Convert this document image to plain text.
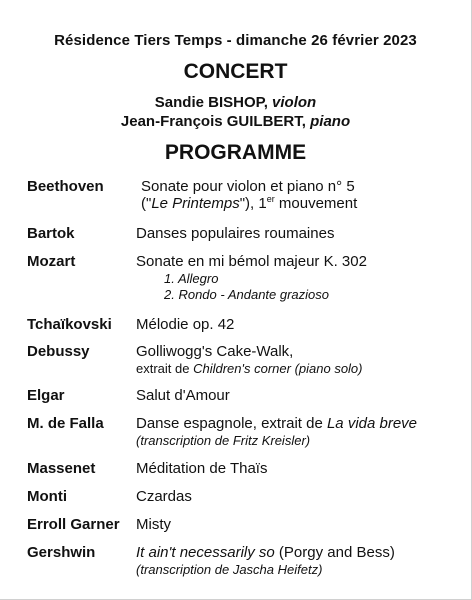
Résidence Tiers Temps - dimanche 26 février 2023
CONCERT
Sandie BISHOP, violon
Jean-François GUILBERT, piano
PROGRAMME
Beethoven Sonate pour violon et piano n° 5
("Le Printemps"), 1er mouvement
Bartok	Danses populaires roumaines
Mozart	Sonate en mi bémol majeur K. 302
1. Allegro
2. Rondo - Andante grazioso
Tchaïkovski Mélodie op. 42
Debussy	Golliwogg's Cake-Walk,
extrait de Children's corner (piano solo)
Elgar	Salut d'Amour
M. de Falla Danse espagnole, extrait de La vida breve
(transcription de Fritz Kreisler)
Massenet	Méditation de Thaïs
Monti	Czardas
Erroll Garner Misty
Gershwin	It ain't necessarily so (Porgy and Bess)
(transcription de Jascha Heifetz)
